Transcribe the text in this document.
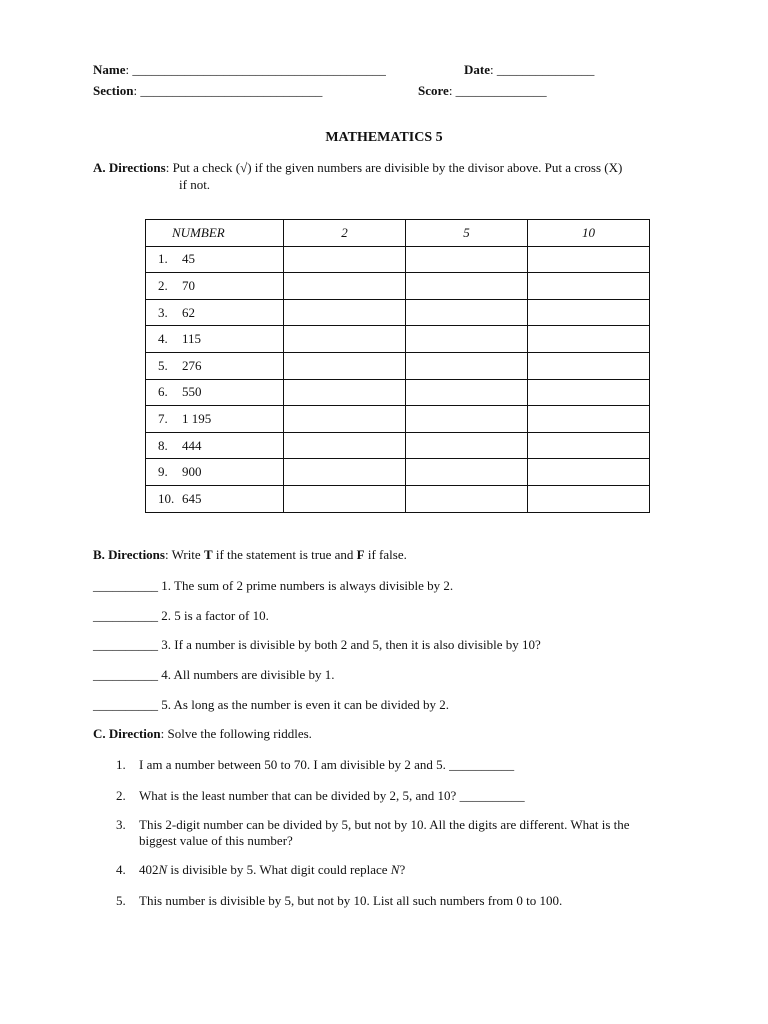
Name: _______________________________________	Date: _______________
Section: ____________________________	Score: ______________
MATHEMATICS 5
A. Directions: Put a check (√) if the given numbers are divisible by the divisor above. Put a cross (X)
if not.
NUMBER	2	5	10
1. 45			
2. 70			
3. 62			
4. 115			
5. 276			
6. 550			
7. 1 195			
8. 444			
9. 900			
10. 645			
B. Directions: Write T if the statement is true and F if false.
__________ 1. The sum of 2 prime numbers is always divisible by 2.
__________ 2. 5 is a factor of 10.
__________ 3. If a number is divisible by both 2 and 5, then it is also divisible by 10?
__________ 4. All numbers are divisible by 1.
__________ 5. As long as the number is even it can be divided by 2.
C. Direction: Solve the following riddles.
1. I am a number between 50 to 70. I am divisible by 2 and 5. __________
2. What is the least number that can be divided by 2, 5, and 10? __________
3. This 2-digit number can be divided by 5, but not by 10. All the digits are different. What is the
biggest value of this number?
4. 402N is divisible by 5. What digit could replace N?
5. This number is divisible by 5, but not by 10. List all such numbers from 0 to 100.
